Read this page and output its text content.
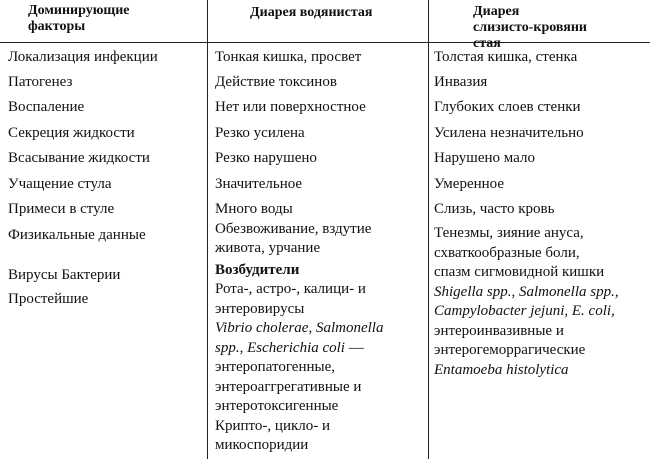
Доминирующие
факторы
Диарея водянистая	Диарея
слизисто-кровяни
стая
Локализация инфекции
Патогенез
Воспаление
Секреция жидкости
Всасывание жидкости
Учащение стула
Примеси в стуле
Физикальные данные
Вирусы Бактерии
Простейшие
Тонкая кишка, просвет
Действие токсинов
Нет или поверхностное
Резко усилена
Резко нарушено
Значительное
Много воды
Обезвоживание, вздутие
живота, урчание
Возбудители
Рота-, астро-, калици- и
энтеровирусы
Vibrio cholerae, Salmonella
spp., Escherichia coli —
энтеропатогенные,
энтероаггрегативные и
энтеротоксигенные
Крипто-, цикло- и
микоспоридии
Толстая кишка, стенка
Инвазия
Глубоких слоев стенки
Усилена незначительно
Нарушено мало
Умеренное
Слизь, часто кровь
Тенезмы, зияние ануса,
схваткообразные боли,
спазм сигмовидной кишки
Shigella spp., Salmonella spp.,
Campylobacter jejuni, E. coli,
энтероинвазивные и
энтерогеморрагические
Entamoeba histolytica
